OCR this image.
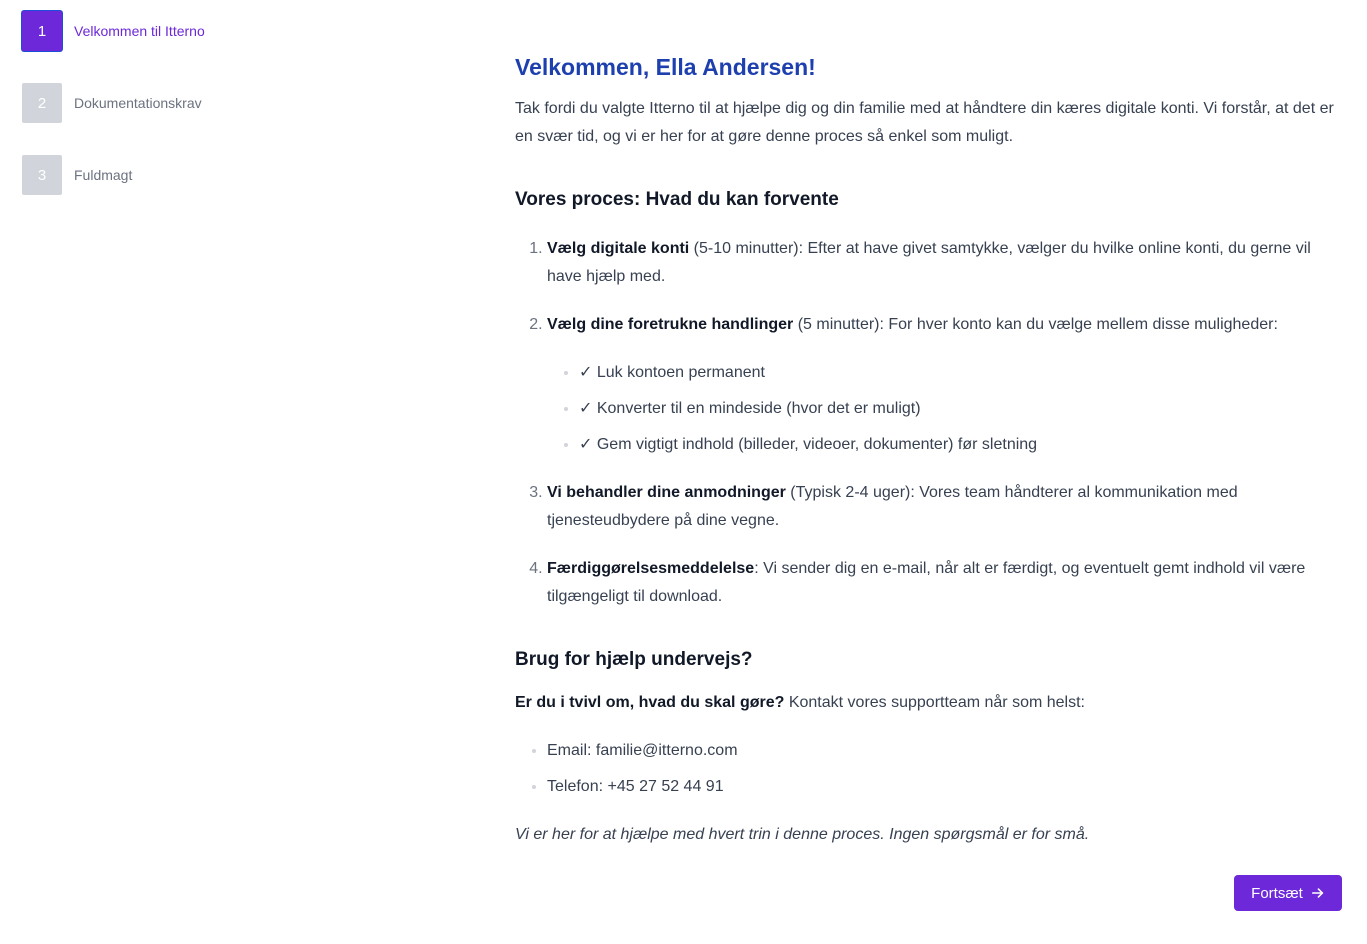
1	Velkommen til Itterno
2	Dokumentationskrav
3	Fuldmagt
Velkommen, Ella Andersen!

Tak fordi du valgte Itterno til at hjælpe dig og din familie med at håndtere din kæres digitale konti. Vi forstår, at det er en svær tid, og vi er her for at gøre denne proces så enkel som muligt.

Vores proces: Hvad du kan forvente
1. Vælg digitale konti (5-10 minutter): Efter at have givet samtykke, vælger du hvilke online konti, du gerne vil have hjælp med.
2. Vælg dine foretrukne handlinger (5 minutter): For hver konto kan du vælge mellem disse muligheder:
• ✓ Luk kontoen permanent
• ✓ Konverter til en mindeside (hvor det er muligt)
• ✓ Gem vigtigt indhold (billeder, videoer, dokumenter) før sletning
3. Vi behandler dine anmodninger (Typisk 2-4 uger): Vores team håndterer al kommunikation med tjenesteudbydere på dine vegne.
4. Færdiggørelsesmeddelelse: Vi sender dig en e-mail, når alt er færdigt, og eventuelt gemt indhold vil være tilgængeligt til download.
Brug for hjælp undervejs?

Er du i tvivl om, hvad du skal gøre? Kontakt vores supportteam når som helst:

• Email: familie@itterno.com
• Telefon: +45 27 52 44 91

Vi er her for at hjælpe med hvert trin i denne proces. Ingen spørgsmål er for små.

Fortsæt
